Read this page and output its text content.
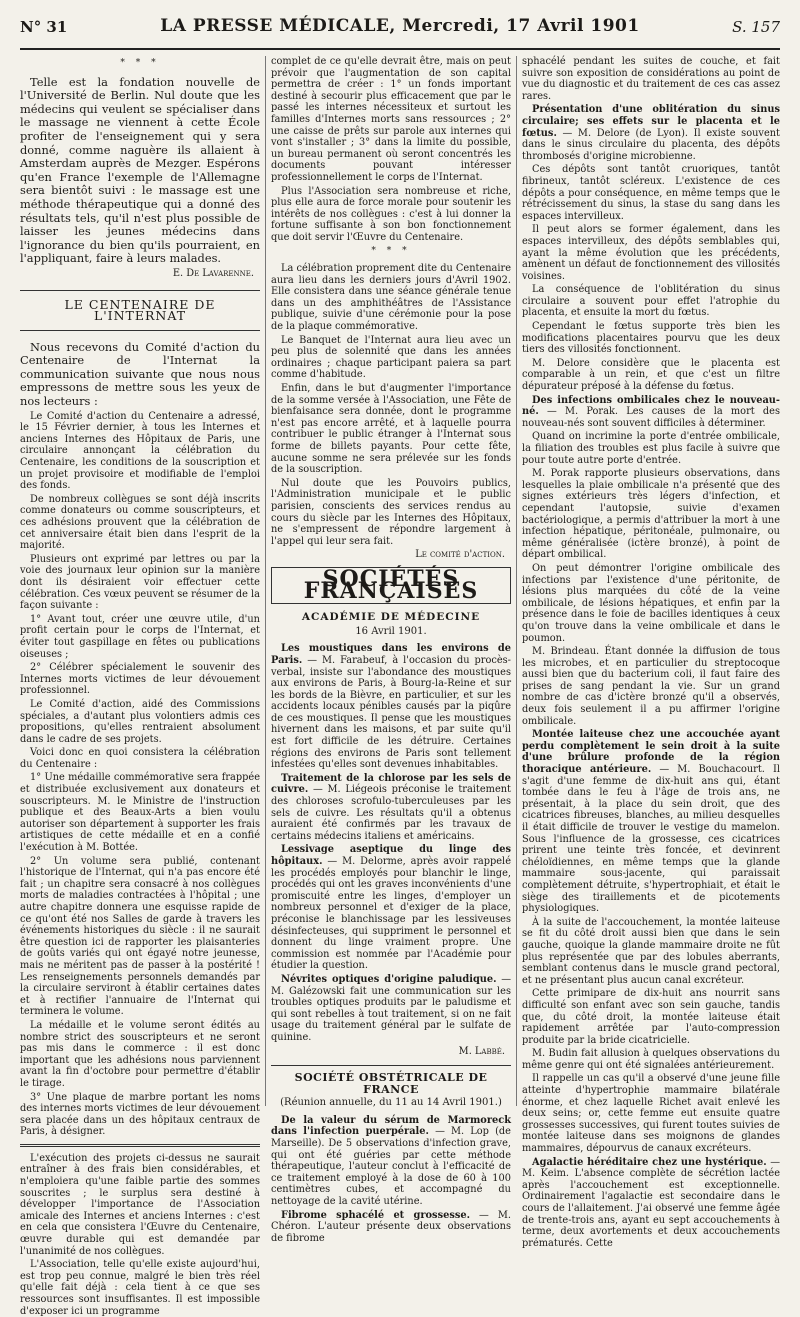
N° 31	LA PRESSE MÉDICALE, Mercredi, 17 Avril 1901	S. 157
* * *

Telle est la fondation nouvelle de l'Université de Berlin. Nul doute que les médecins qui veulent se spécialiser dans le massage ne viennent à cette École profiter de l'enseignement qui y sera donné, comme naguère ils allaient à Amsterdam auprès de Mezger. Espérons qu'en France l'exemple de l'Allemagne sera bientôt suivi : le massage est une méthode thérapeutique qui a donné des résultats tels, qu'il n'est plus possible de laisser les jeunes médecins dans l'ignorance du bien qu'ils pourraient, en l'appliquant, faire à leurs malades.

E. De Lavarenne.
LE CENTENAIRE DE L'INTERNAT

Nous recevons du Comité d'action du Centenaire de l'Internat la communication suivante que nous nous empressons de mettre sous les yeux de nos lecteurs :

Le Comité d'action du Centenaire a adressé, le 15 Février dernier, à tous les Internes et anciens Internes des Hôpitaux de Paris, une circulaire annonçant la célébration du Centenaire, les conditions de la souscription et un projet provisoire et modifiable de l'emploi des fonds.

De nombreux collègues se sont déjà inscrits comme donateurs ou comme souscripteurs, et ces adhésions prouvent que la célébration de cet anniversaire était bien dans l'esprit de la majorité.

Plusieurs ont exprimé par lettres ou par la voie des journaux leur opinion sur la manière dont ils désiraient voir effectuer cette célébration. Ces vœux peuvent se résumer de la façon suivante :

1° Avant tout, créer une œuvre utile, d'un profit certain pour le corps de l'Internat, et éviter tout gaspillage en fêtes ou publications oiseuses ;

2° Célébrer spécialement le souvenir des Internes morts victimes de leur dévouement professionnel.

Le Comité d'action, aidé des Commissions spéciales, a d'autant plus volontiers admis ces propositions, qu'elles rentraient absolument dans le cadre de ses projets.

Voici donc en quoi consistera la célébration du Centenaire :

1° Une médaille commémorative sera frappée et distribuée exclusivement aux donateurs et souscripteurs. M. le Ministre de l'instruction publique et des Beaux-Arts a bien voulu autoriser son département à supporter les frais artistiques de cette médaille et en a confié l'exécution à M. Bottée.

2° Un volume sera publié, contenant l'historique de l'Internat, qui n'a pas encore été fait ; un chapitre sera consacré à nos collègues morts de maladies contractées à l'hôpital ; une autre chapitre donnera une esquisse rapide de ce qu'ont été nos Salles de garde à travers les événements historiques du siècle : il ne saurait être question ici de rapporter les plaisanteries de goûts variés qui ont égayé notre jeunesse, mais ne méritent pas de passer à la postérité ! Les renseignements personnels demandés par la circulaire serviront à établir certaines dates et à rectifier l'annuaire de l'Internat qui terminera le volume.

La médaille et le volume seront édités au nombre strict des souscripteurs et ne seront pas mis dans le commerce : il est donc important que les adhésions nous parviennent avant la fin d'octobre pour permettre d'établir le tirage.

3° Une plaque de marbre portant les noms des internes morts victimes de leur dévouement sera placée dans un des hôpitaux centraux de Paris, à désigner.

L'exécution des projets ci-dessus ne saurait entraîner à des frais bien considérables, et n'emploiera qu'une faible partie des sommes souscrites ; le surplus sera destiné à développer l'importance de l'Association amicale des Internes et anciens Internes : c'est en cela que consistera l'Œuvre du Centenaire, œuvre durable qui est demandée par l'unanimité de nos collègues.

L'Association, telle qu'elle existe aujourd'hui, est trop peu connue, malgré le bien très réel qu'elle fait déjà : cela tient à ce que ses ressources sont insuffisantes. Il est impossible d'exposer ici un programme

complet de ce qu'elle devrait être, mais on peut prévoir que l'augmentation de son capital permettra de créer : 1° un fonds important destiné à secourir plus efficacement que par le passé les internes nécessiteux et surtout les familles d'Internes morts sans ressources ; 2° une caisse de prêts sur parole aux internes qui vont s'installer ; 3° dans la limite du possible, un bureau permanent où seront concentrés les documents pouvant intéresser professionnellement le corps de l'Internat.

Plus l'Association sera nombreuse et riche, plus elle aura de force morale pour soutenir les intérêts de nos collègues : c'est à lui donner la fortune suffisante à son bon fonctionnement que doit servir l'Œuvre du Centenaire.

* * *

La célébration proprement dite du Centenaire aura lieu dans les derniers jours d'Avril 1902. Elle consistera dans une séance générale tenue dans un des amphithéâtres de l'Assistance publique, suivie d'une cérémonie pour la pose de la plaque commémorative.

Le Banquet de l'Internat aura lieu avec un peu plus de solennité que dans les années ordinaires ; chaque participant paiera sa part comme d'habitude.

Enfin, dans le but d'augmenter l'importance de la somme versée à l'Association, une Fête de bienfaisance sera donnée, dont le programme n'est pas encore arrêté, et à laquelle pourra contribuer le public étranger à l'Internat sous forme de billets payants. Pour cette fête, aucune somme ne sera prélevée sur les fonds de la souscription.

Nul doute que les Pouvoirs publics, l'Administration municipale et le public parisien, conscients des services rendus au cours du siècle par les Internes des Hôpitaux, ne s'empressent de répondre largement à l'appel qui leur sera fait.

Le comité d'action.
SOCIÉTÉS FRANÇAISES
ACADÉMIE DE MÉDECINE
16 Avril 1901.

Les moustiques dans les environs de Paris. — M. Farabeuf, à l'occasion du procès-verbal, insiste sur l'abondance des moustiques aux environs de Paris, à Bourg-la-Reine et sur les bords de la Bièvre, en particulier, et sur les accidents locaux pénibles causés par la piqûre de ces moustiques. Il pense que les moustiques hivernent dans les maisons, et par suite qu'il est fort difficile de les détruire. Certaines régions des environs de Paris sont tellement infestées qu'elles sont devenues inhabitables.

Traitement de la chlorose par les sels de cuivre. — M. Liégeois préconise le traitement des chloroses scrofulo-tuberculeuses par les sels de cuivre. Les résultats qu'il a obtenus auraient été confirmés par les travaux de certains médecins italiens et américains.

Lessivage aseptique du linge des hôpitaux. — M. Delorme, après avoir rappelé les procédés employés pour blanchir le linge, procédés qui ont les graves inconvénients d'une promiscuité entre les linges, d'employer un nombreux personnel et d'exiger de la place, préconise le blanchissage par les lessiveuses désinfecteuses, qui suppriment le personnel et donnent du linge vraiment propre. Une commission est nommée par l'Académie pour étudier la question.

Névrites optiques d'origine paludique. — M. Galézowski fait une communication sur les troubles optiques produits par le paludisme et qui sont rebelles à tout traitement, si on ne fait usage du traitement général par le sulfate de quinine.

M. Labbé.
SOCIÉTÉ OBSTÉTRICALE DE FRANCE
(Réunion annuelle, du 11 au 14 Avril 1901.)

De la valeur du sérum de Marmoreck dans l'infection puerpérale. — M. Lop (de Marseille). De 5 observations d'infection grave, qui ont été guéries par cette méthode thérapeutique, l'auteur conclut à l'efficacité de ce traitement employé à la dose de 60 à 100 centimètres cubes, et accompagné du nettoyage de la cavité utérine.

Fibrome sphacélé et grossesse. — M. Chéron. L'auteur présente deux observations de fibrome

sphacélé pendant les suites de couche, et fait suivre son exposition de considérations au point de vue du diagnostic et du traitement de ces cas assez rares.

Présentation d'une oblitération du sinus circulaire; ses effets sur le placenta et le fœtus. — M. Delore (de Lyon). Il existe souvent dans le sinus circulaire du placenta, des dépôts thrombosés d'origine microbienne.

Ces dépôts sont tantôt cruoriques, tantôt fibrineux, tantôt scléreux. L'existence de ces dépôts a pour conséquence, en même temps que le rétrécissement du sinus, la stase du sang dans les espaces intervilleux.

Il peut alors se former également, dans les espaces intervilleux, des dépôts semblables qui, ayant la même évolution que les précédents, amènent un défaut de fonctionnement des villosités voisines.

La conséquence de l'oblitération du sinus circulaire a souvent pour effet l'atrophie du placenta, et ensuite la mort du fœtus.

Cependant le fœtus supporte très bien les modifications placentaires pourvu que les deux tiers des villosités fonctionnent.

M. Delore considère que le placenta est comparable à un rein, et que c'est un filtre dépurateur préposé à la défense du fœtus.

Des infections ombilicales chez le nouveau-né. — M. Porak. Les causes de la mort des nouveau-nés sont souvent difficiles à déterminer.

Quand on incrimine la porte d'entrée ombilicale, la filiation des troubles est plus facile à suivre que pour toute autre porte d'entrée.

M. Porak rapporte plusieurs observations, dans lesquelles la plaie ombilicale n'a présenté que des signes extérieurs très légers d'infection, et cependant l'autopsie, suivie d'examen bactériologique, a permis d'attribuer la mort à une infection hépatique, péritonéale, pulmonaire, ou même généralisée (ictère bronzé), à point de départ ombilical.

On peut démontrer l'origine ombilicale des infections par l'existence d'une péritonite, de lésions plus marquées du côté de la veine ombilicale, de lésions hépatiques, et enfin par la présence dans le foie de bacilles identiques à ceux qu'on trouve dans la veine ombilicale et dans le poumon.

M. Brindeau. Étant donnée la diffusion de tous les microbes, et en particulier du streptocoque aussi bien que du bacterium coli, il faut faire des prises de sang pendant la vie. Sur un grand nombre de cas d'ictère bronzé qu'il a observés, deux fois seulement il a pu affirmer l'origine ombilicale.

Montée laiteuse chez une accouchée ayant perdu complètement le sein droit à la suite d'une brûlure profonde de la région thoracique antérieure. — M. Bouchacourt. Il s'agit d'une femme de dix-huit ans qui, étant tombée dans le feu à l'âge de trois ans, ne présentait, à la place du sein droit, que des cicatrices fibreuses, blanches, au milieu desquelles il était difficile de trouver le vestige du mamelon. Sous l'influence de la grossesse, ces cicatrices prirent une teinte très foncée, et devinrent chéloïdiennes, en même temps que la glande mammaire sous-jacente, qui paraissait complètement détruite, s'hypertrophiait, et était le siège des tiraillements et de picotements physiologiques.

À la suite de l'accouchement, la montée laiteuse se fit du côté droit aussi bien que dans le sein gauche, quoique la glande mammaire droite ne fût plus représentée que par des lobules aberrants, semblant contenus dans le muscle grand pectoral, et ne présentant plus aucun canal excréteur.

Cette primipare de dix-huit ans nourrit sans difficulté son enfant avec son sein gauche, tandis que, du côté droit, la montée laiteuse était rapidement arrêtée par l'auto-compression produite par la bride cicatricielle.

M. Budin fait allusion à quelques observations du même genre qui ont été signalées antérieurement.

Il rappelle un cas qu'il a observé d'une jeune fille atteinte d'hypertrophie mammaire bilatérale énorme, et chez laquelle Richet avait enlevé les deux seins; or, cette femme eut ensuite quatre grossesses successives, qui furent toutes suivies de montée laiteuse dans ses moignons de glandes mammaires, dépourvus de canaux excréteurs.

Agalactie héréditaire chez une hystérique. — M. Keim. L'absence complète de sécrétion lactée après l'accouchement est exceptionnelle. Ordinairement l'agalactie est secondaire dans le cours de l'allaitement. J'ai observé une femme âgée de trente-trois ans, ayant eu sept accouchements à terme, deux avortements et deux accouchements prématurés. Cette
